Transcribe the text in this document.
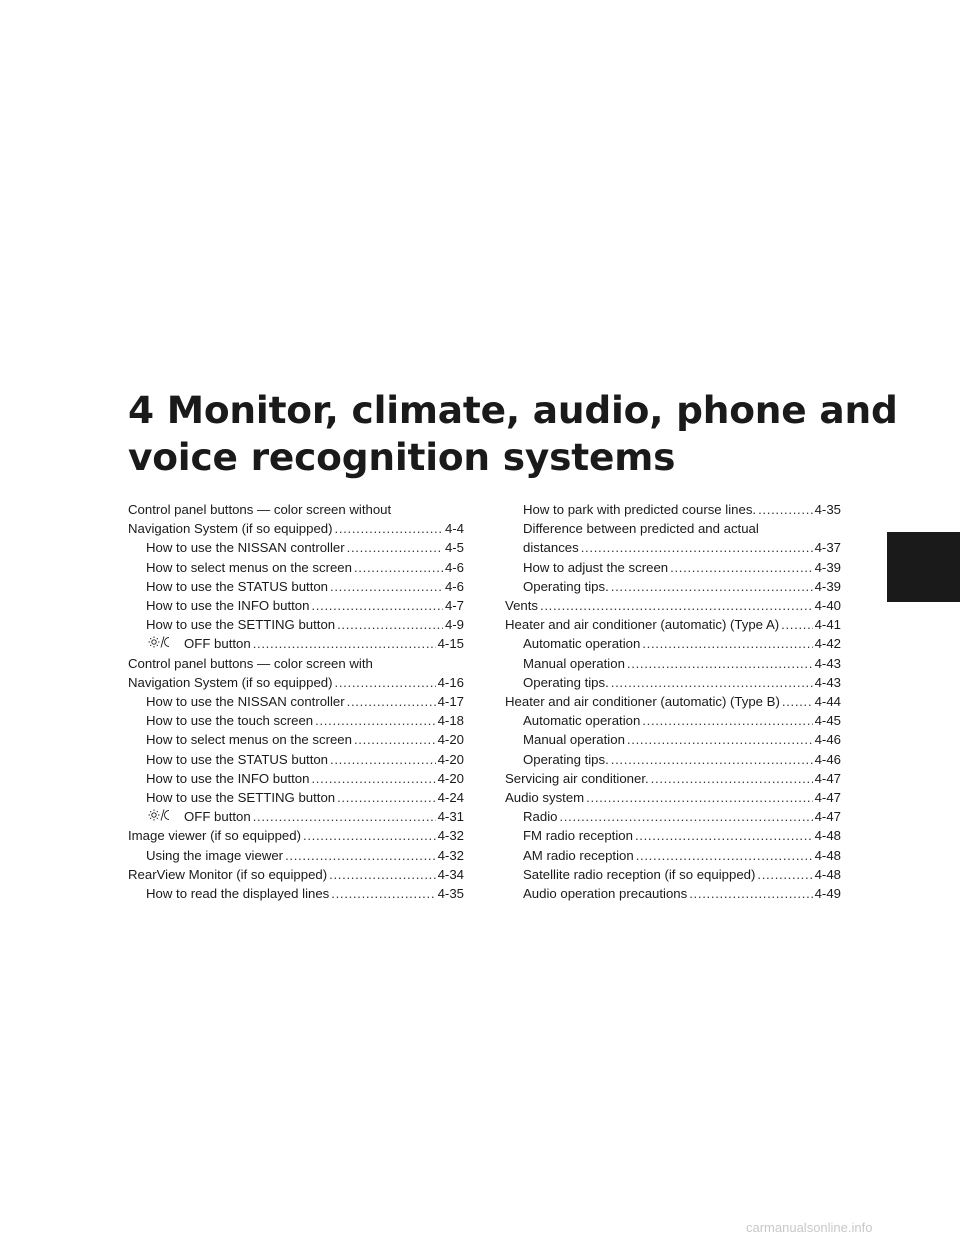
4 Monitor, climate, audio, phone and voice recognition systems
Control panel buttons — color screen without
Navigation System (if so equipped) . . .	4-4
How to use the NISSAN controller . . .	4-5
How to select menus on the screen . . .	4-6
How to use the STATUS button . . .	4-6
How to use the INFO button . . .	4-7
How to use the SETTING button . . .	4-9
OFF button . . .	4-15
Control panel buttons — color screen with
Navigation System (if so equipped) . . .	4-16
How to use the NISSAN controller . . .	4-17
How to use the touch screen . . .	4-18
How to select menus on the screen . . .	4-20
How to use the STATUS button . . .	4-20
How to use the INFO button . . .	4-20
How to use the SETTING button . . .	4-24
OFF button . . .	4-31
Image viewer (if so equipped) . . .	4-32
Using the image viewer . . .	4-32
RearView Monitor (if so equipped) . . .	4-34
How to read the displayed lines . . .	4-35
How to park with predicted course lines. . . .	4-35
Difference between predicted and actual
distances . . .	4-37
How to adjust the screen . . .	4-39
Operating tips. . . .	4-39
Vents . . .	4-40
Heater and air conditioner (automatic) (Type A) . . .	4-41
Automatic operation . . .	4-42
Manual operation . . .	4-43
Operating tips. . . .	4-43
Heater and air conditioner (automatic) (Type B) . . .	4-44
Automatic operation . . .	4-45
Manual operation . . .	4-46
Operating tips. . . .	4-46
Servicing air conditioner. . . .	4-47
Audio system . . .	4-47
Radio . . .	4-47
FM radio reception . . .	4-48
AM radio reception . . .	4-48
Satellite radio reception (if so equipped) . . .	4-48
Audio operation precautions . . .	4-49
carmanualsonline.info
